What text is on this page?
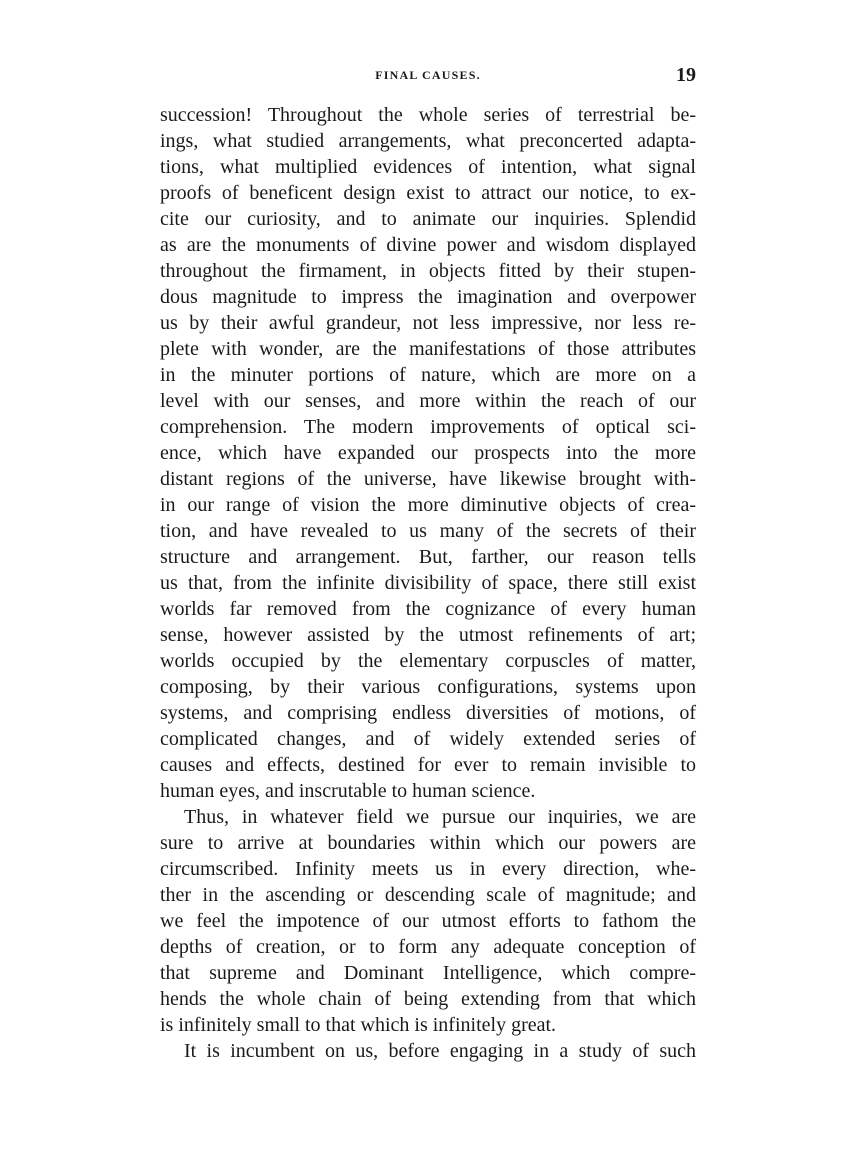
FINAL CAUSES.	19
succession! Throughout the whole series of terrestrial be-
ings, what studied arrangements, what preconcerted adapta-
tions, what multiplied evidences of intention, what signal
proofs of beneficent design exist to attract our notice, to ex-
cite our curiosity, and to animate our inquiries. Splendid
as are the monuments of divine power and wisdom displayed
throughout the firmament, in objects fitted by their stupen-
dous magnitude to impress the imagination and overpower
us by their awful grandeur, not less impressive, nor less re-
plete with wonder, are the manifestations of those attributes
in the minuter portions of nature, which are more on a
level with our senses, and more within the reach of our
comprehension. The modern improvements of optical sci-
ence, which have expanded our prospects into the more
distant regions of the universe, have likewise brought with-
in our range of vision the more diminutive objects of crea-
tion, and have revealed to us many of the secrets of their
structure and arrangement. But, farther, our reason tells
us that, from the infinite divisibility of space, there still exist
worlds far removed from the cognizance of every human
sense, however assisted by the utmost refinements of art;
worlds occupied by the elementary corpuscles of matter,
composing, by their various configurations, systems upon
systems, and comprising endless diversities of motions, of
complicated changes, and of widely extended series of
causes and effects, destined for ever to remain invisible to
human eyes, and inscrutable to human science.
Thus, in whatever field we pursue our inquiries, we are
sure to arrive at boundaries within which our powers are
circumscribed. Infinity meets us in every direction, whe-
ther in the ascending or descending scale of magnitude; and
we feel the impotence of our utmost efforts to fathom the
depths of creation, or to form any adequate conception of
that supreme and Dominant Intelligence, which compre-
hends the whole chain of being extending from that which
is infinitely small to that which is infinitely great.
It is incumbent on us, before engaging in a study of such
